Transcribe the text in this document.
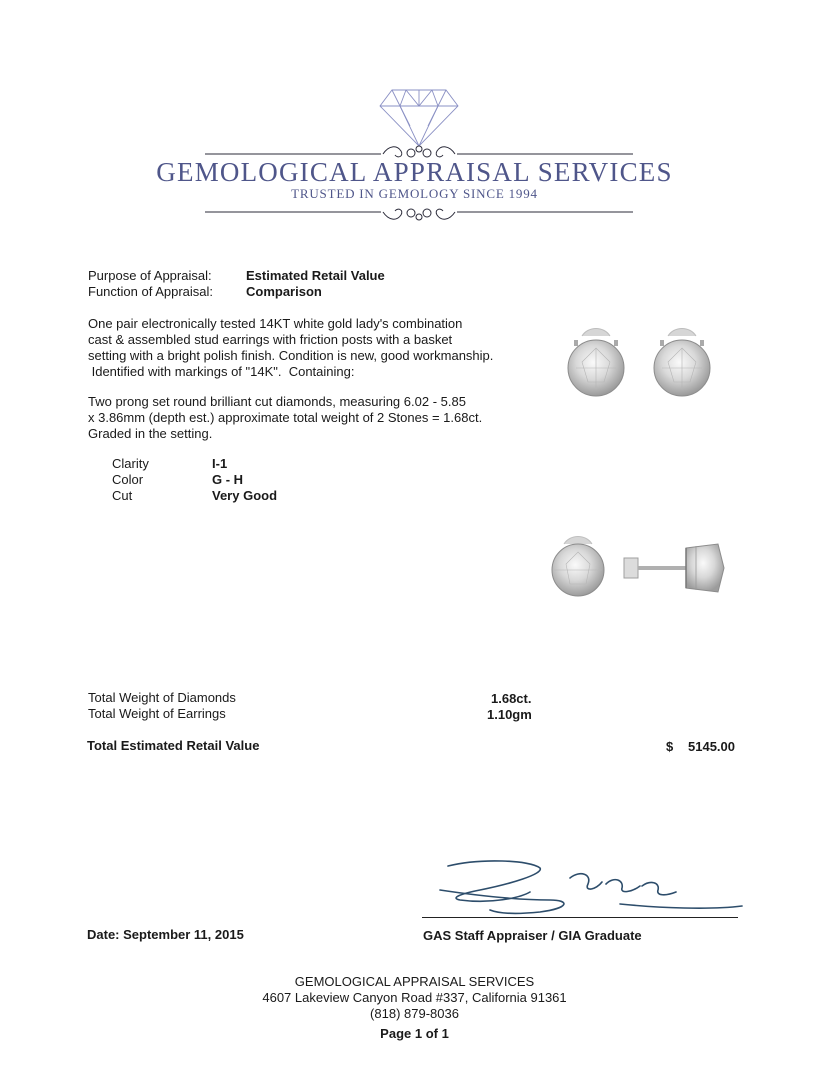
GEMOLOGICAL APPRAISAL SERVICES
TRUSTED IN GEMOLOGY SINCE 1994
Purpose of Appraisal:	Estimated Retail Value
Function of Appraisal:	Comparison
One pair electronically tested 14KT white gold lady's combination
cast & assembled stud earrings with friction posts with a basket
setting with a bright polish finish. Condition is new, good workmanship.
Identified with markings of "14K".  Containing:
Two prong set round brilliant cut diamonds, measuring 6.02 - 5.85
x 3.86mm (depth est.) approximate total weight of 2 Stones = 1.68ct.
Graded in the setting.
Clarity	I-1
Color	G - H
Cut	Very Good
Total Weight of Diamonds	1.68ct.
Total Weight of Earrings	1.10gm
Total Estimated Retail Value	$ 5145.00
Date: September 11, 2015	GAS Staff Appraiser / GIA Graduate
GEMOLOGICAL APPRAISAL SERVICES
4607 Lakeview Canyon Road #337, California 91361
(818) 879-8036
Page 1 of 1
